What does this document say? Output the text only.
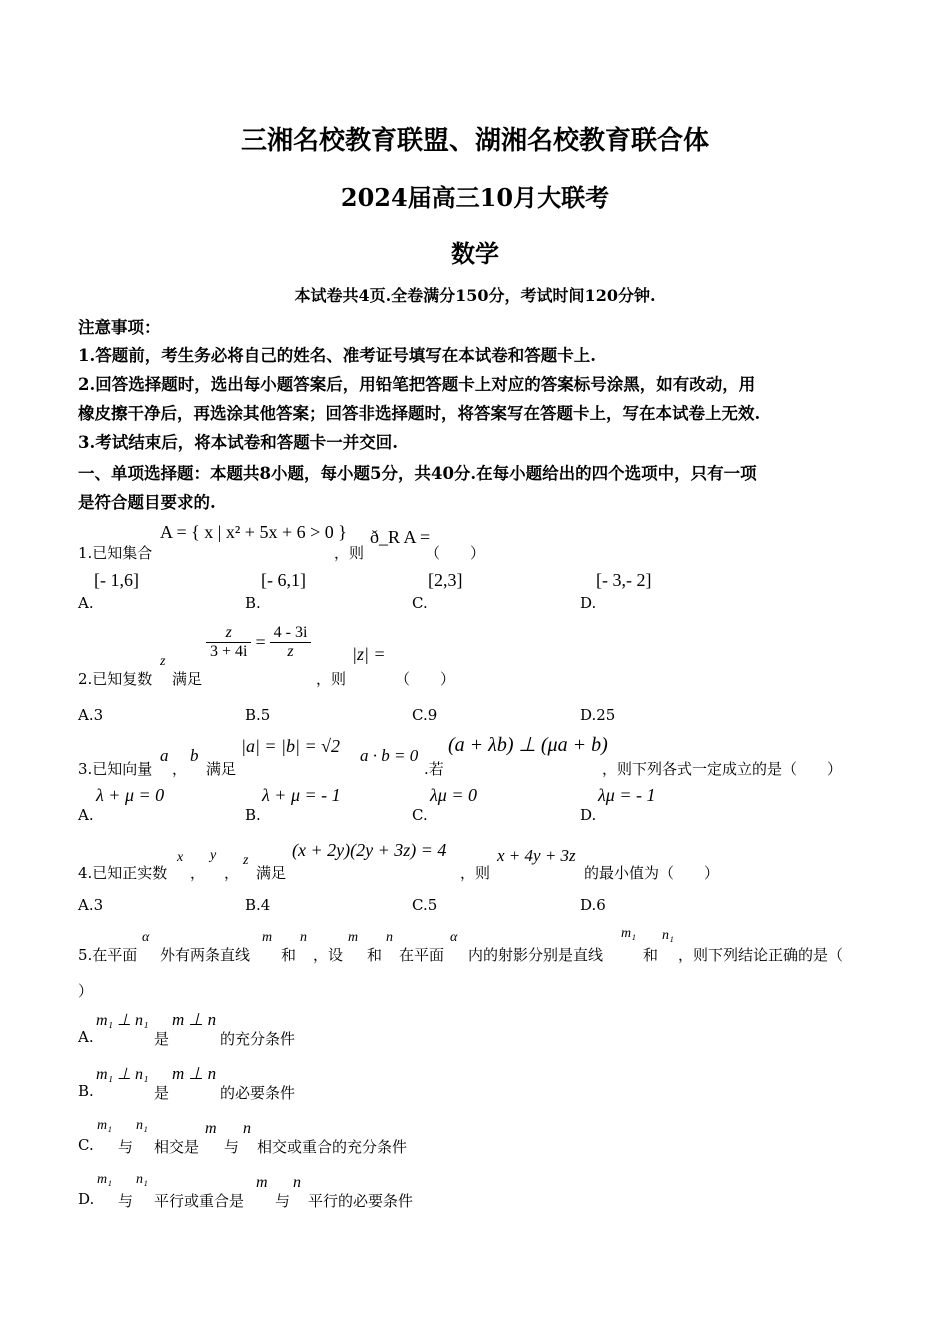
三湘名校教育联盟、湖湘名校教育联合体
2024届高三10月大联考
数学
本试卷共4页.全卷满分150分，考试时间120分钟.
注意事项：
1.答题前，考生务必将自己的姓名、准考证号填写在本试卷和答题卡上.
2.回答选择题时，选出每小题答案后，用铅笔把答题卡上对应的答案标号涂黑，如有改动，用
橡皮擦干净后，再选涂其他答案；回答非选择题时，将答案写在答题卡上，写在本试卷上无效.
3.考试结束后，将本试卷和答题卡一并交回.
一、单项选择题：本题共8小题，每小题5分，共40分.在每小题给出的四个选项中，只有一项
是符合题目要求的.
1.已知集合
A = { x | x² + 5x + 6 > 0 }
，则
ð_R A =
（　　）
A.
[- 1,6]
B.
[- 6,1]
C.
[2,3]
D.
[- 3,- 2]
2.已知复数
z
满足
$\frac{z}{3 + 4i} = \frac{4 - 3i}{z}$
，则
|z| =
（　　）
A.3	B.5	C.9	D.25
3.已知向量
a
，
b
满足
|a| = |b| = √2 a · b = 0
.若
(a + λb) ⊥ (μa + b)
，则下列各式一定成立的是（　　）
A.
λ + μ = 0
B.
λ + μ = - 1
C.
λμ = 0
D.
λμ = - 1
4.已知正实数
x
，
y
，
z
满足
(x + 2y)(2y + 3z) = 4
，则
x + 4y + 3z
的最小值为（　　）
A.3	B.4	C.5	D.6
5.在平面
α
外有两条直线
m
和
n
，设
m
和
n
在平面
α
内的射影分别是直线
m₁
和
n₁
，则下列结论正确的是（
）
A.
m₁ ⊥ n₁
是
m ⊥ n
的充分条件
B.
m₁ ⊥ n₁
是
m ⊥ n
的必要条件
C.
m₁
与
n₁
相交是
m
与
n
相交或重合的充分条件
D.
m₁
与
n₁
平行或重合是
m
与
n
平行的必要条件
